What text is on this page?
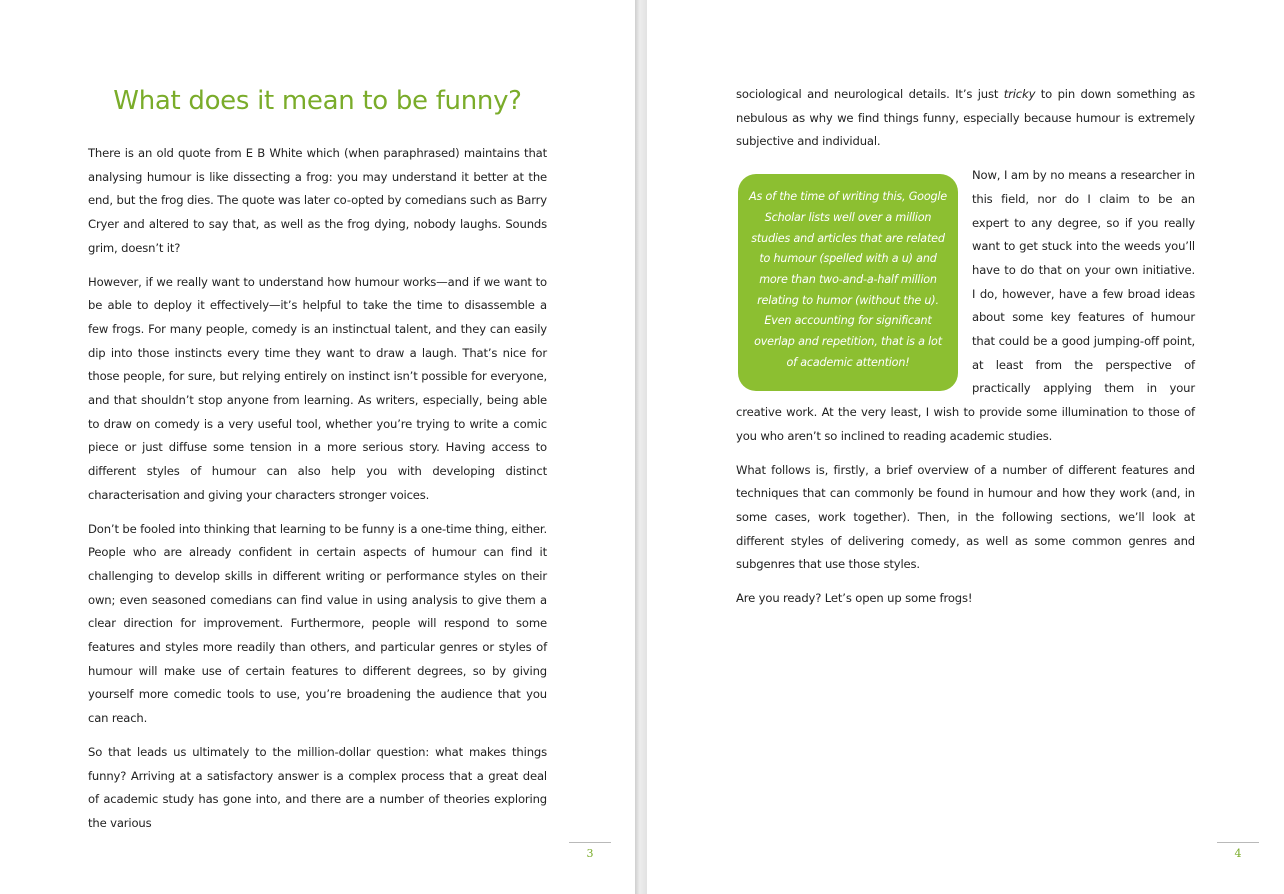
What does it mean to be funny?

There is an old quote from E B White which (when paraphrased) maintains that analysing humour is like dissecting a frog: you may understand it better at the end, but the frog dies. The quote was later co-opted by comedians such as Barry Cryer and altered to say that, as well as the frog dying, nobody laughs. Sounds grim, doesn’t it?

However, if we really want to understand how humour works—and if we want to be able to deploy it effectively—it’s helpful to take the time to disassemble a few frogs. For many people, comedy is an instinctual talent, and they can easily dip into those instincts every time they want to draw a laugh. That’s nice for those people, for sure, but relying entirely on instinct isn’t possible for everyone, and that shouldn’t stop anyone from learning. As writers, especially, being able to draw on comedy is a very useful tool, whether you’re trying to write a comic piece or just diffuse some tension in a more serious story. Having access to different styles of humour can also help you with developing distinct characterisation and giving your characters stronger voices.

Don’t be fooled into thinking that learning to be funny is a one-time thing, either. People who are already confident in certain aspects of humour can find it challenging to develop skills in different writing or performance styles on their own; even seasoned comedians can find value in using analysis to give them a clear direction for improvement. Furthermore, people will respond to some features and styles more readily than others, and particular genres or styles of humour will make use of certain features to different degrees, so by giving yourself more comedic tools to use, you’re broadening the audience that you can reach.

So that leads us ultimately to the million-dollar question: what makes things funny? Arriving at a satisfactory answer is a complex process that a great deal of academic study has gone into, and there are a number of theories exploring the various

3

sociological and neurological details. It’s just tricky to pin down something as nebulous as why we find things funny, especially because humour is extremely subjective and individual.

As of the time of writing this, Google Scholar lists well over a million studies and articles that are related to humour (spelled with a u) and more than two-and-a-half million relating to humor (without the u). Even accounting for significant overlap and repetition, that is a lot of academic attention!

Now, I am by no means a researcher in this field, nor do I claim to be an expert to any degree, so if you really want to get stuck into the weeds you’ll have to do that on your own initiative. I do, however, have a few broad ideas about some key features of humour that could be a good jumping-off point, at least from the perspective of practically applying them in your creative work. At the very least, I wish to provide some illumination to those of you who aren’t so inclined to reading academic studies.

What follows is, firstly, a brief overview of a number of different features and techniques that can commonly be found in humour and how they work (and, in some cases, work together). Then, in the following sections, we’ll look at different styles of delivering comedy, as well as some common genres and subgenres that use those styles.

Are you ready? Let’s open up some frogs!

4
